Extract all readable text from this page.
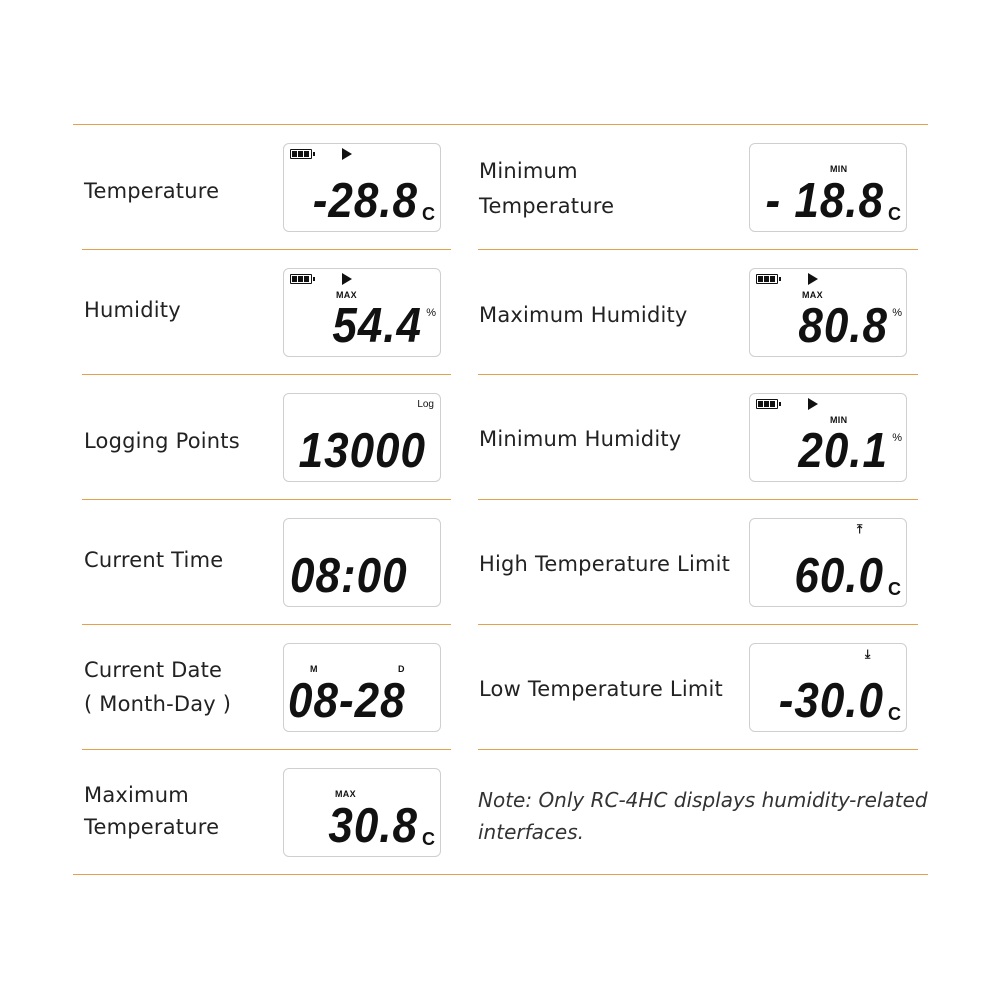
Temperature -28.8 C
Humidity
MAX
54.4 %
Logging Points
Log
13000
Current Time 08:00
Current Date
( Month-Day )
M	D
08-28
Maximum
Temperature
MAX
30.8 C
Minimum
Temperature
MIN
- 18.8 C
Maximum Humidity
MAX
80.8 %
Minimum Humidity
MIN
20.1 %
High Temperature Limit
⤒
60.0 C
Low Temperature Limit
⤓
-30.0 C
Note: Only RC-4HC displays humidity-related interfaces.
